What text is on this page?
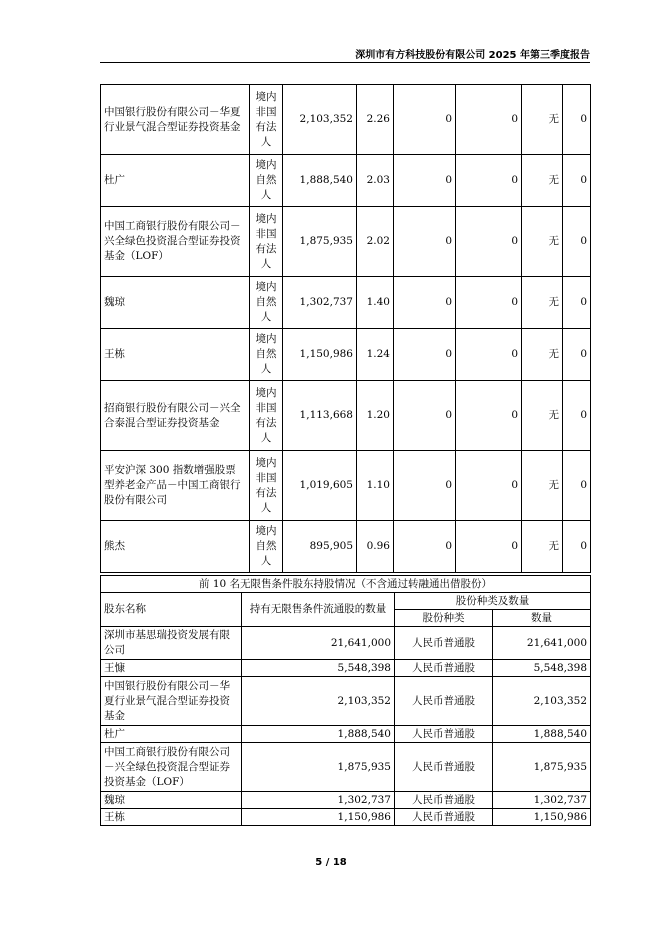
深圳市有方科技股份有限公司 2025 年第三季度报告
中国银行股份有限公司－华夏行业景气混合型证券投资基金	境内非国有法人	2,103,352	2.26	0	0	无	0
杜广	境内自然人	1,888,540	2.03	0	0	无	0
中国工商银行股份有限公司－兴全绿色投资混合型证券投资基金（LOF）	境内非国有法人	1,875,935	2.02	0	0	无	0
魏琼	境内自然人	1,302,737	1.40	0	0	无	0
王栋	境内自然人	1,150,986	1.24	0	0	无	0
招商银行股份有限公司－兴全合泰混合型证券投资基金	境内非国有法人	1,113,668	1.20	0	0	无	0
平安沪深 300 指数增强股票型养老金产品－中国工商银行股份有限公司	境内非国有法人	1,019,605	1.10	0	0	无	0
熊杰	境内自然人	895,905	0.96	0	0	无	0
前 10 名无限售条件股东持股情况（不含通过转融通出借股份）			
股东名称	持有无限售条件流通股的数量	股份种类及数量	
		股份种类	数量
深圳市基思瑞投资发展有限公司	21,641,000	人民币普通股	21,641,000
王慷	5,548,398	人民币普通股	5,548,398
中国银行股份有限公司－华夏行业景气混合型证券投资基金	2,103,352	人民币普通股	2,103,352
杜广	1,888,540	人民币普通股	1,888,540
中国工商银行股份有限公司－兴全绿色投资混合型证券投资基金（LOF）	1,875,935	人民币普通股	1,875,935
魏琼	1,302,737	人民币普通股	1,302,737
王栋	1,150,986	人民币普通股	1,150,986
5 / 18
